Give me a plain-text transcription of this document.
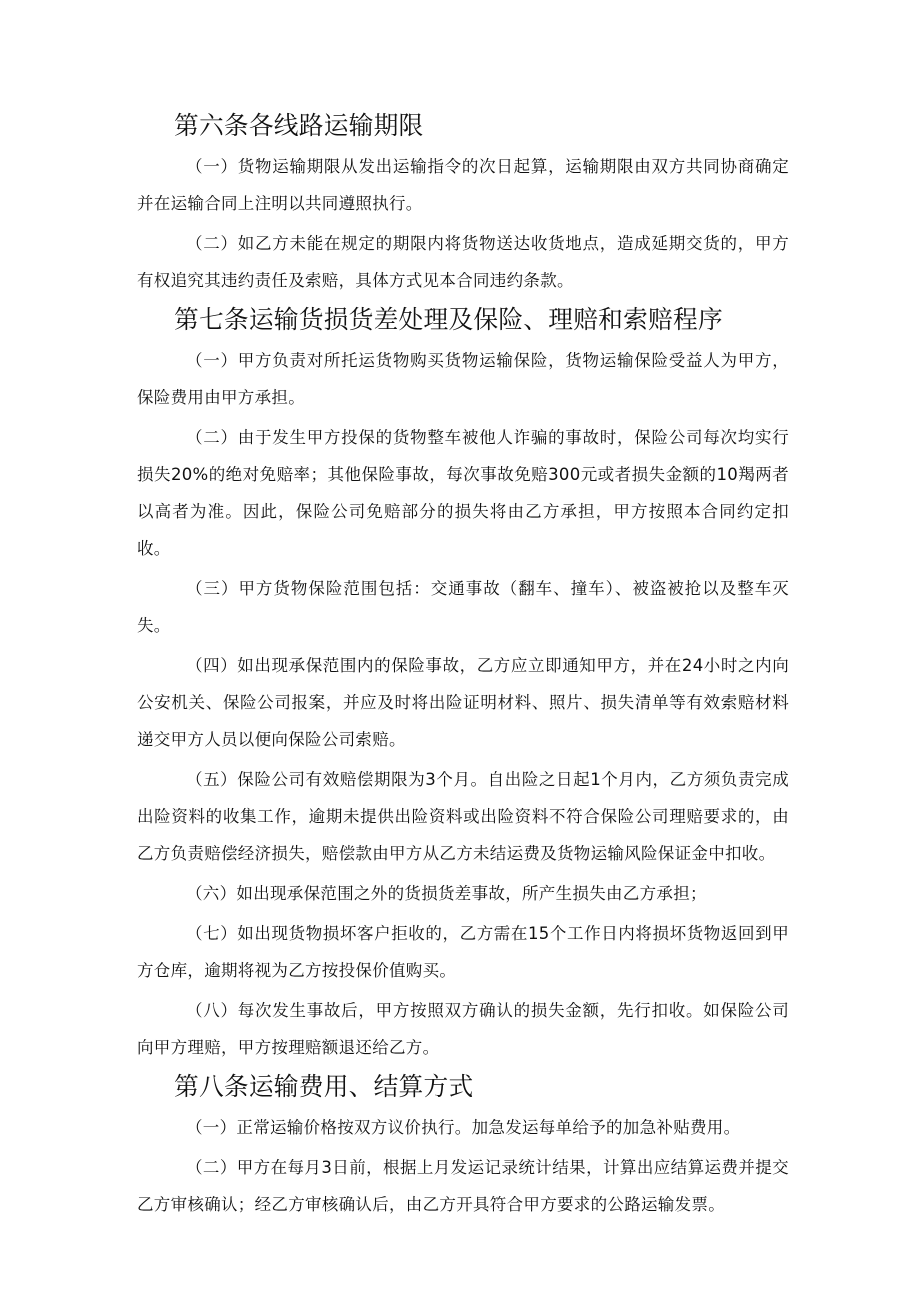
第六条各线路运输期限

（一）货物运输期限从发出运输指令的次日起算，运输期限由双方共同协商确定并在运输合同上注明以共同遵照执行。

（二）如乙方未能在规定的期限内将货物送达收货地点，造成延期交货的，甲方有权追究其违约责任及索赔，具体方式见本合同违约条款。

第七条运输货损货差处理及保险、理赔和索赔程序

（一）甲方负责对所托运货物购买货物运输保险，货物运输保险受益人为甲方，保险费用由甲方承担。

（二）由于发生甲方投保的货物整车被他人诈骗的事故时，保险公司每次均实行损失20%的绝对免赔率；其他保险事故，每次事故免赔300元或者损失金额的10羯两者以高者为准。因此，保险公司免赔部分的损失将由乙方承担，甲方按照本合同约定扣收。

（三）甲方货物保险范围包括：交通事故（翻车、撞车）、被盗被抢以及整车灭失。

（四）如出现承保范围内的保险事故，乙方应立即通知甲方，并在24小时之内向公安机关、保险公司报案，并应及时将出险证明材料、照片、损失清单等有效索赔材料递交甲方人员以便向保险公司索赔。

（五）保险公司有效赔偿期限为3个月。自出险之日起1个月内，乙方须负责完成出险资料的收集工作，逾期未提供出险资料或出险资料不符合保险公司理赔要求的，由乙方负责赔偿经济损失，赔偿款由甲方从乙方未结运费及货物运输风险保证金中扣收。

（六）如出现承保范围之外的货损货差事故，所产生损失由乙方承担；

（七）如出现货物损坏客户拒收的，乙方需在15个工作日内将损坏货物返回到甲方仓库，逾期将视为乙方按投保价值购买。

（八）每次发生事故后，甲方按照双方确认的损失金额，先行扣收。如保险公司向甲方理赔，甲方按理赔额退还给乙方。

第八条运输费用、结算方式

（一）正常运输价格按双方议价执行。加急发运每单给予的加急补贴费用。

（二）甲方在每月3日前，根据上月发运记录统计结果，计算出应结算运费并提交乙方审核确认；经乙方审核确认后，由乙方开具符合甲方要求的公路运输发票。
